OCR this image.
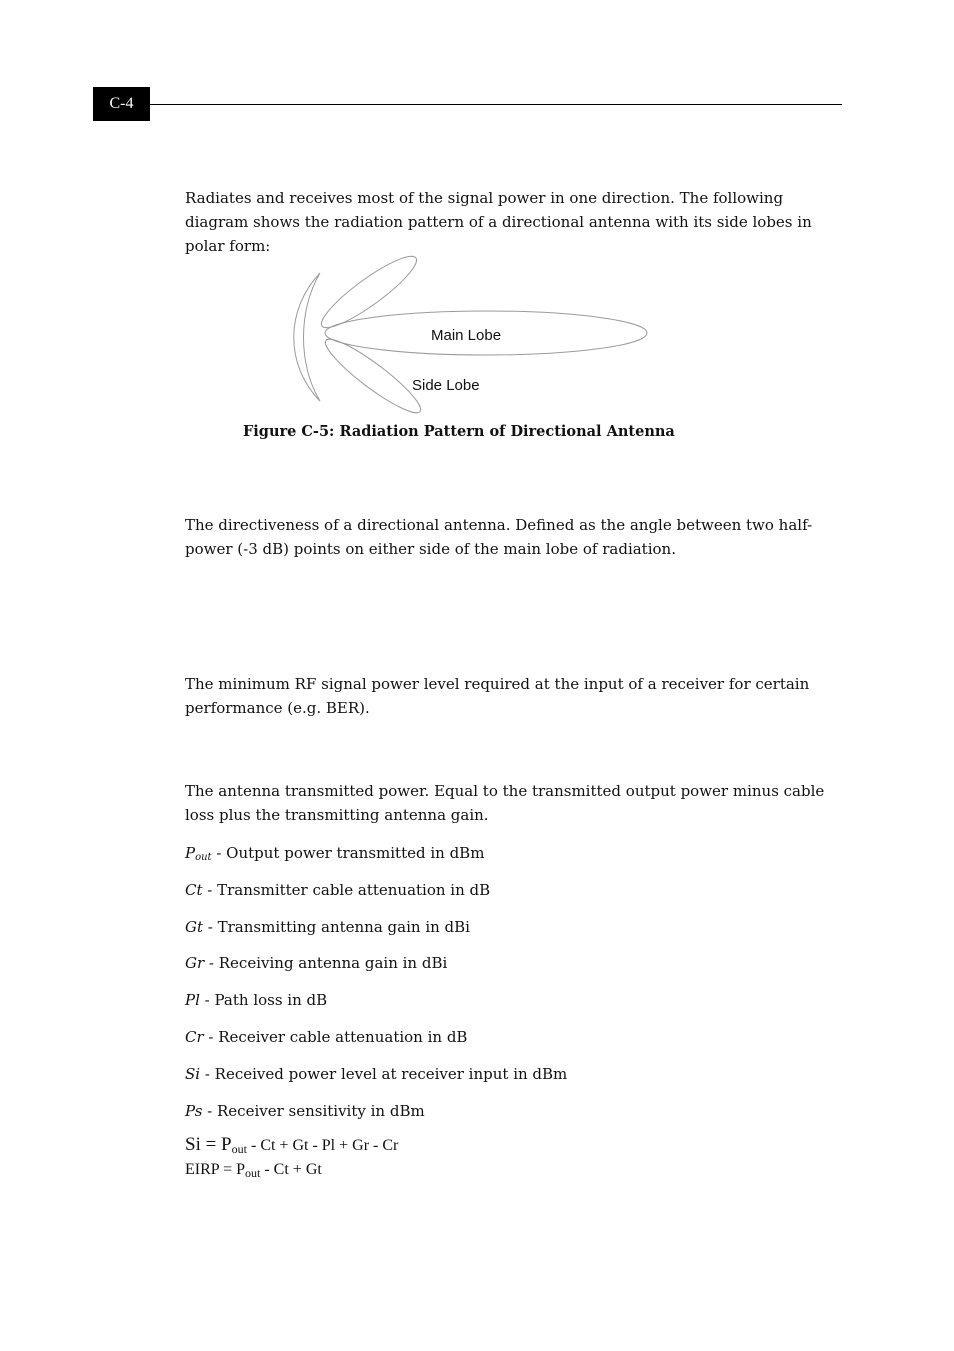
C-4

Radiates and receives most of the signal power in one direction. The following diagram shows the radiation pattern of a directional antenna with its side lobes in polar form:

Main Lobe
Side Lobe

Figure C-5: Radiation Pattern of Directional Antenna

The directiveness of a directional antenna. Defined as the angle between two half-power (-3 dB) points on either side of the main lobe of radiation.

The minimum RF signal power level required at the input of a receiver for certain performance (e.g. BER).

The antenna transmitted power. Equal to the transmitted output power minus cable loss plus the transmitting antenna gain.

$P_{out}$ - Output power transmitted in dBm

Ct - Transmitter cable attenuation in dB

Gt - Transmitting antenna gain in dBi

Gr - Receiving antenna gain in dBi

Pl - Path loss in dB

Cr - Receiver cable attenuation in dB

Si - Received power level at receiver input in dBm

Ps - Receiver sensitivity in dBm

$Si = P_{out} - Ct + Gt - Pl + Gr - Cr$

EIRP = $P_{out} - Ct + Gt$
